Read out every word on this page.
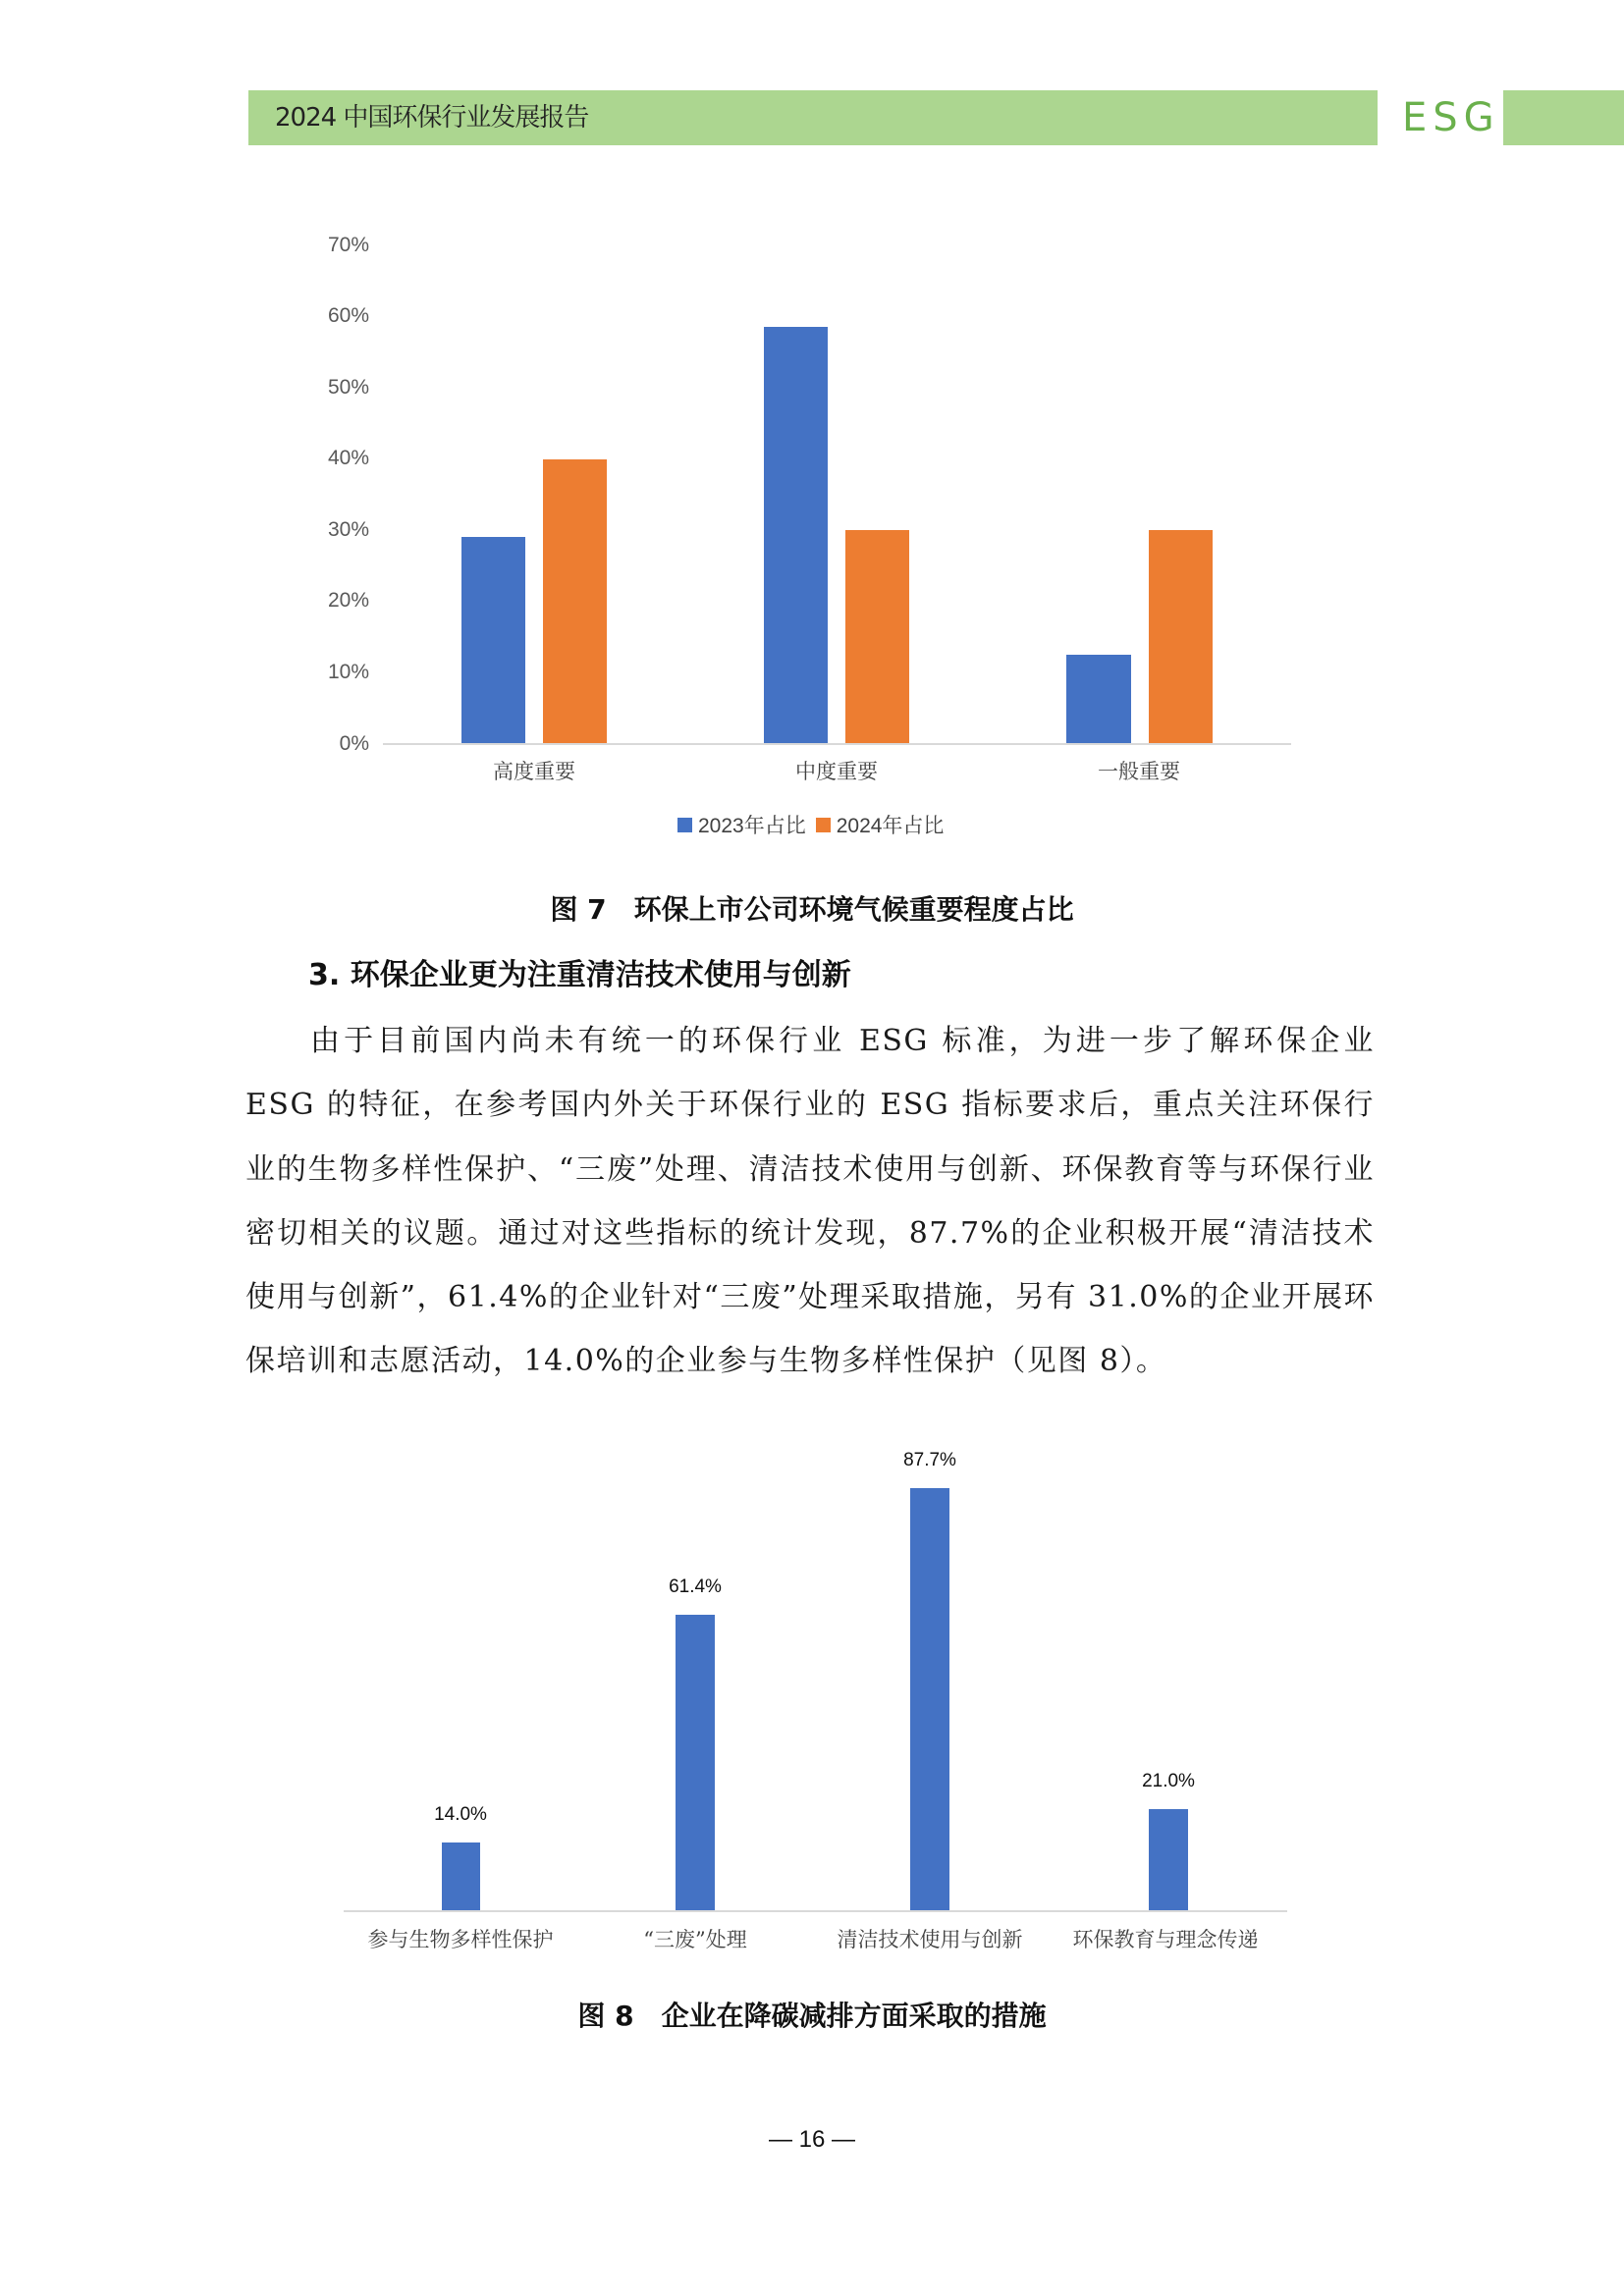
2024 中国环保行业发展报告	ESG
70%
60%
50%
40%
30%
20%
10%
0%
高度重要	中度重要	一般重要
2023年占比 2024年占比
图 7　环保上市公司环境气候重要程度占比
3. 环保企业更为注重清洁技术使用与创新
由于目前国内尚未有统一的环保行业 ESG 标准，为进一步了解环保企业 ESG 的特征，在参考国内外关于环保行业的 ESG 指标要求后，重点关注环保行业的生物多样性保护、“三废”处理、清洁技术使用与创新、环保教育等与环保行业密切相关的议题。通过对这些指标的统计发现，87.7%的企业积极开展“清洁技术使用与创新”，61.4%的企业针对“三废”处理采取措施，另有 31.0%的企业开展环保培训和志愿活动，14.0%的企业参与生物多样性保护（见图 8）。
14.0%
61.4%
87.7%
21.0%
参与生物多样性保护	“三废”处理	清洁技术使用与创新 环保教育与理念传递
图 8　企业在降碳减排方面采取的措施
— 16 —
